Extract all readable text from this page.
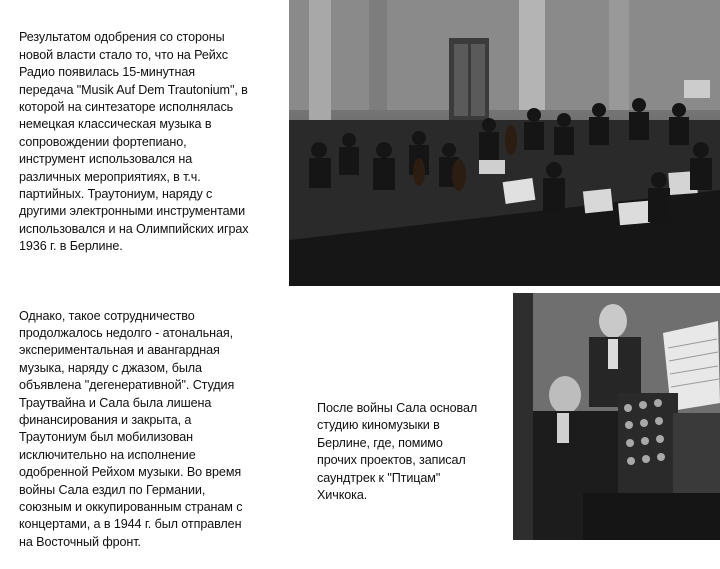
Результатом одобрения со стороны
новой власти стало то, что на Рейхс
Радио появилась 15-минутная
передача "Musik Auf Dem Trautonium", в
которой на синтезаторе исполнялась
немецкая классическая музыка в
сопровождении фортепиано,
инструмент использовался на
различных мероприятиях, в т.ч.
партийных. Траутониум, наряду с
другими электронными инструментами
использовался и на Олимпийских играх
1936 г. в Берлине.

Однако, такое сотрудничество
продолжалось недолго - атональная,
экспериментальная и авангардная
музыка, наряду с джазом, была
объявлена "дегенеративной". Студия
Траутвайна и Сала была лишена
финансирования и закрыта, а
Траутониум был мобилизован
исключительно на исполнение
одобренной Рейхом музыки. Во время
войны Сала ездил по Германии,
союзным и оккупированным странам с
концертами, а в 1944 г. был отправлен
на Восточный фронт.

После войны Сала основал
студию киномузыки в
Берлине, где, помимо
прочих проектов, записал
саундтрек к "Птицам"
Хичкока.
